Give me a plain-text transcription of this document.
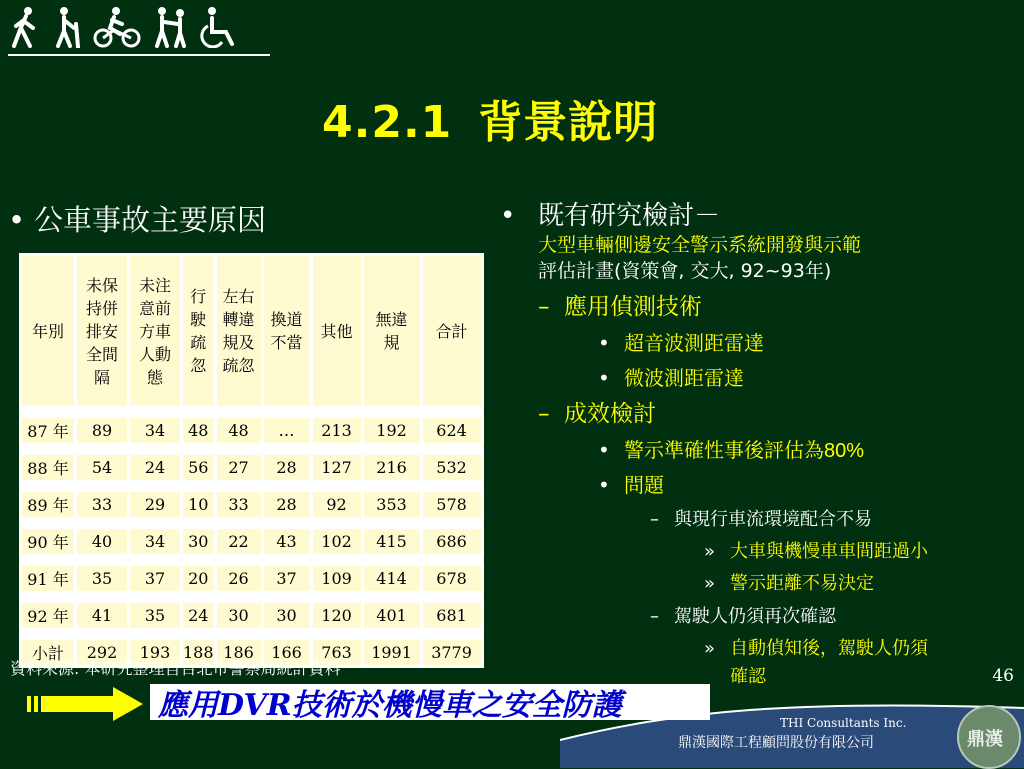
4.2.1 背景說明
• 公車事故主要原因
年別	未保持併排安全間隔	未注意前方車人動態	行駛疏忽	左右轉違規及疏忽	換道不當	其他	無違規	合計

87 年	89	34	48	48	…	213	192	624

88 年	54	24	56	27	28	127	216	532

89 年	33	29	10	33	28	92	353	578

90 年	40	34	30	22	43	102	415	686

91 年	35	37	20	26	37	109	414	678

92 年	41	35	24	30	30	120	401	681

小計	292	193	188	186	166	763	1991	3779
資料來源: 本研究整理自台北市警察局統計資料
• 既有研究檢討－
大型車輛側邊安全警示系統開發與示範
評估計畫(資策會, 交大, 92~93年)
– 應用偵測技術
• 超音波測距雷達
• 微波測距雷達
– 成效檢討
• 警示準確性事後評估為80%
• 問題
– 與現行車流環境配合不易
» 大車與機慢車車間距過小
» 警示距離不易決定
– 駕駛人仍須再次確認
» 自動偵知後，駕駛人仍須
確認	46
應用DVR技術於機慢車之安全防護	THI Consultants Inc.
鼎漢國際工程顧問股份有限公司	鼎漢
